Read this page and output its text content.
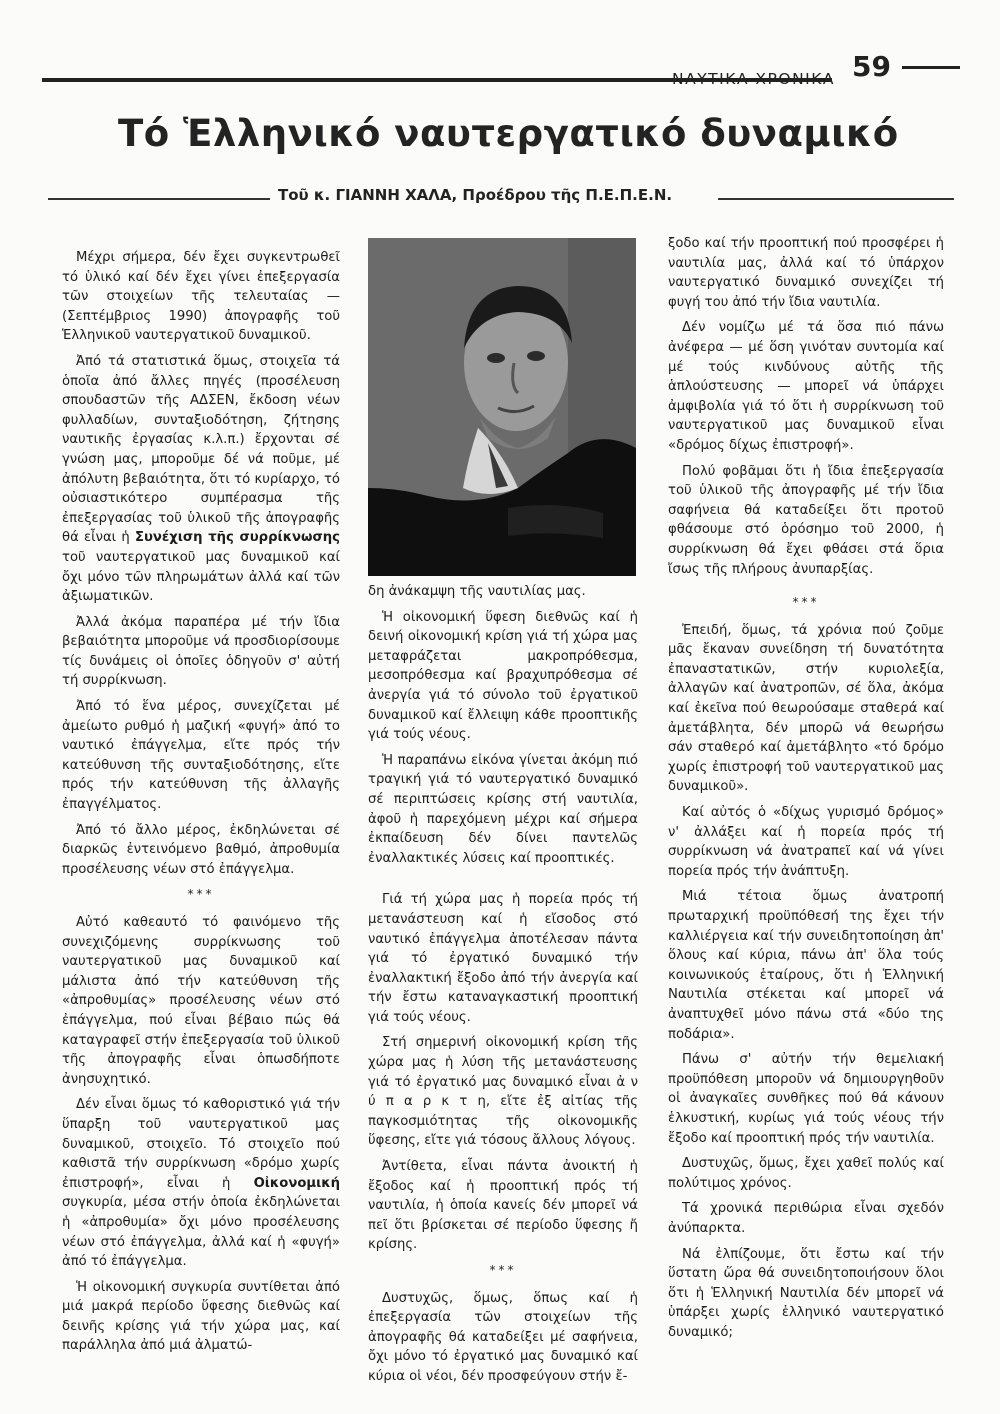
ΝΑΥΤΙΚΑ ΧΡΟΝΙΚΑ 59
Τό Ἑλληνικό ναυτεργατικό δυναμικό
Τοῦ κ. ΓΙΑΝΝΗ ΧΑΛΑ, Προέδρου τῆς Π.Ε.Π.Ε.Ν.

Μέχρι σήμερα, δέν ἔχει συγκεντρωθεῖ τό ὑλικό καί δέν ἔχει γίνει ἐπεξεργασία τῶν στοιχείων τῆς τελευταίας — (Σεπτέμβριος 1990) ἀπογραφῆς τοῦ Ἑλληνικοῦ ναυτεργατικοῦ δυναμικοῦ.

Ἀπό τά στατιστικά ὅμως, στοιχεῖα τά ὁποῖα ἀπό ἄλλες πηγές (προσέλευση σπουδαστῶν τῆς ΑΔΣΕΝ, ἔκδοση νέων φυλλαδίων, συνταξιοδότηση, ζήτησης ναυτικῆς ἐργασίας κ.λ.π.) ἔρχονται σέ γνώση μας, μποροῦμε δέ νά ποῦμε, μέ ἀπόλυτη βεβαιότητα, ὅτι τό κυρίαρχο, τό οὐσιαστικότερο συμπέρασμα τῆς ἐπεξεργασίας τοῦ ὑλικοῦ τῆς ἀπογραφῆς θά εἶναι ἡ Συνέχιση τῆς συρρίκνωσης τοῦ ναυτεργατικοῦ μας δυναμικοῦ καί ὄχι μόνο τῶν πληρωμάτων ἀλλά καί τῶν ἀξιωματικῶν.

Ἀλλά ἀκόμα παραπέρα μέ τήν ἴδια βεβαιότητα μποροῦμε νά προσδιορίσουμε τίς δυνάμεις οἱ ὁποῖες ὁδηγοῦν σ' αὐτή τή συρρίκνωση.

Ἀπό τό ἕνα μέρος, συνεχίζεται μέ ἀμείωτο ρυθμό ἡ μαζική «φυγή» ἀπό το ναυτικό ἐπάγγελμα, εἴτε πρός τήν κατεύθυνση τῆς συνταξιοδότησης, εἴτε πρός τήν κατεύθυνση τῆς ἀλλαγῆς ἐπαγγέλματος.

Ἀπό τό ἄλλο μέρος, ἐκδηλώνεται σέ διαρκῶς ἐντεινόμενο βαθμό, ἀπροθυμία προσέλευσης νέων στό ἐπάγγελμα.

***

Αὐτό καθεαυτό τό φαινόμενο τῆς συνεχιζόμενης συρρίκνωσης τοῦ ναυτεργατικοῦ μας δυναμικοῦ καί μάλιστα ἀπό τήν κατεύθυνση τῆς «ἀπροθυμίας» προσέλευσης νέων στό ἐπάγγελμα, πού εἶναι βέβαιο πώς θά καταγραφεῖ στήν ἐπεξεργασία τοῦ ὑλικοῦ τῆς ἀπογραφῆς εἶναι ὁπωσδήποτε ἀνησυχητικό.

Δέν εἶναι ὅμως τό καθοριστικό γιά τήν ὕπαρξη τοῦ ναυτεργατικοῦ μας δυναμικοῦ, στοιχεῖο. Τό στοιχεῖο πού καθιστᾶ τήν συρρίκνωση «δρόμο χωρίς ἐπιστροφή», εἶναι ἡ Οἰκονομική συγκυρία, μέσα στήν ὁποία ἐκδηλώνεται ἡ «ἀπροθυμία» ὄχι μόνο προσέλευσης νέων στό ἐπάγγελμα, ἀλλά καί ἡ «φυγή» ἀπό τό ἐπάγγελμα.

Ἡ οἰκονομική συγκυρία συντίθεται ἀπό μιά μακρά περίοδο ὕφεσης διεθνῶς καί δεινῆς κρίσης γιά τήν χώρα μας, καί παράλληλα ἀπό μιά ἀλματώ-

δη ἀνάκαμψη τῆς ναυτιλίας μας.

Ἡ οἰκονομική ὕφεση διεθνῶς καί ἡ δεινή οἰκονομική κρίση γιά τή χώρα μας μεταφράζεται μακροπρόθεσμα, μεσοπρόθεσμα καί βραχυπρόθεσμα σέ ἀνεργία γιά τό σύνολο τοῦ ἐργατικοῦ δυναμικοῦ καί ἔλλειψη κάθε προοπτικῆς γιά τούς νέους.

Ἡ παραπάνω εἰκόνα γίνεται ἀκόμη πιό τραγική γιά τό ναυτεργατικό δυναμικό σέ περιπτώσεις κρίσης στή ναυτιλία, ἀφοῦ ἡ παρεχόμενη μέχρι καί σήμερα ἐκπαίδευση δέν δίνει παντελῶς ἐναλλακτικές λύσεις καί προοπτικές.

Γιά τή χώρα μας ἡ πορεία πρός τή μετανάστευση καί ἡ εἴσοδος στό ναυτικό ἐπάγγελμα ἀποτέλεσαν πάντα γιά τό ἐργατικό δυναμικό τήν ἐναλλακτική ἔξοδο ἀπό τήν ἀνεργία καί τήν ἔστω καταναγκαστική προοπτική γιά τούς νέους.

Στή σημερινή οἰκονομική κρίση τῆς χώρα μας ἡ λύση τῆς μετανάστευσης γιά τό ἐργατικό μας δυναμικό εἶναι ἀ ν ύ π α ρ κ τ η, εἴτε ἐξ αἰτίας τῆς παγκοσμιότητας τῆς οἰκονομικῆς ὕφεσης, εἴτε γιά τόσους ἄλλους λόγους.

Ἀντίθετα, εἶναι πάντα ἀνοικτή ἡ ἔξοδος καί ἡ προοπτική πρός τή ναυτιλία, ἡ ὁποία κανείς δέν μπορεῖ νά πεῖ ὅτι βρίσκεται σέ περίοδο ὕφεσης ἤ κρίσης.

***

Δυστυχῶς, ὅμως, ὅπως καί ἡ ἐπεξεργασία τῶν στοιχείων τῆς ἀπογραφῆς θά καταδείξει μέ σαφήνεια, ὄχι μόνο τό ἐργατικό μας δυναμικό καί κύρια οἱ νέοι, δέν προσφεύγουν στήν ἔ-

ξοδο καί τήν προοπτική πού προσφέρει ἡ ναυτιλία μας, ἀλλά καί τό ὑπάρχον ναυτεργατικό δυναμικό συνεχίζει τή φυγή του ἀπό τήν ἴδια ναυτιλία.

Δέν νομίζω μέ τά ὅσα πιό πάνω ἀνέφερα — μέ ὅση γινόταν συντομία καί μέ τούς κινδύνους αὐτῆς τῆς ἁπλούστευσης — μπορεῖ νά ὑπάρχει ἀμφιβολία γιά τό ὅτι ἡ συρρίκνωση τοῦ ναυτεργατικοῦ μας δυναμικοῦ εἶναι «δρόμος δίχως ἐπιστροφή».

Πολύ φοβᾶμαι ὅτι ἡ ἴδια ἐπεξεργασία τοῦ ὑλικοῦ τῆς ἀπογραφῆς μέ τήν ἴδια σαφήνεια θά καταδείξει ὅτι προτοῦ φθάσουμε στό ὁρόσημο τοῦ 2000, ἡ συρρίκνωση θά ἔχει φθάσει στά ὅρια ἴσως τῆς πλήρους ἀνυπαρξίας.

***

Ἐπειδή, ὅμως, τά χρόνια πού ζοῦμε μᾶς ἔκαναν συνείδηση τή δυνατότητα ἐπαναστατικῶν, στήν κυριολεξία, ἀλλαγῶν καί ἀνατροπῶν, σέ ὅλα, ἀκόμα καί ἐκεῖνα πού θεωρούσαμε σταθερά καί ἀμετάβλητα, δέν μπορῶ νά θεωρήσω σάν σταθερό καί ἀμετάβλητο «τό δρόμο χωρίς ἐπιστροφή τοῦ ναυτεργατικοῦ μας δυναμικοῦ».

Καί αὐτός ὁ «δίχως γυρισμό δρόμος» ν' ἀλλάξει καί ἡ πορεία πρός τή συρρίκνωση νά ἀνατραπεῖ καί νά γίνει πορεία πρός τήν ἀνάπτυξη.

Μιά τέτοια ὅμως ἀνατροπή πρωταρχική προϋπόθεσή της ἔχει τήν καλλιέργεια καί τήν συνειδητοποίηση ἀπ' ὅλους καί κύρια, πάνω ἀπ' ὅλα τούς κοινωνικούς ἑταίρους, ὅτι ἡ Ἑλληνική Ναυτιλία στέκεται καί μπορεῖ νά ἀναπτυχθεῖ μόνο πάνω στά «δύο της ποδάρια».

Πάνω σ' αὐτήν τήν θεμελιακή προϋπόθεση μποροῦν νά δημιουργηθοῦν οἱ ἀναγκαῖες συνθῆκες πού θά κάνουν ἑλκυστική, κυρίως γιά τούς νέους τήν ἔξοδο καί προοπτική πρός τήν ναυτιλία.

Δυστυχῶς, ὅμως, ἔχει χαθεῖ πολύς καί πολύτιμος χρόνος.

Τά χρονικά περιθώρια εἶναι σχεδόν ἀνύπαρκτα.

Νά ἐλπίζουμε, ὅτι ἔστω καί τήν ὕστατη ὥρα θά συνειδητοποιήσουν ὅλοι ὅτι ἡ Ἑλληνική Ναυτιλία δέν μπορεῖ νά ὑπάρξει χωρίς ἑλληνικό ναυτεργατικό δυναμικό;
